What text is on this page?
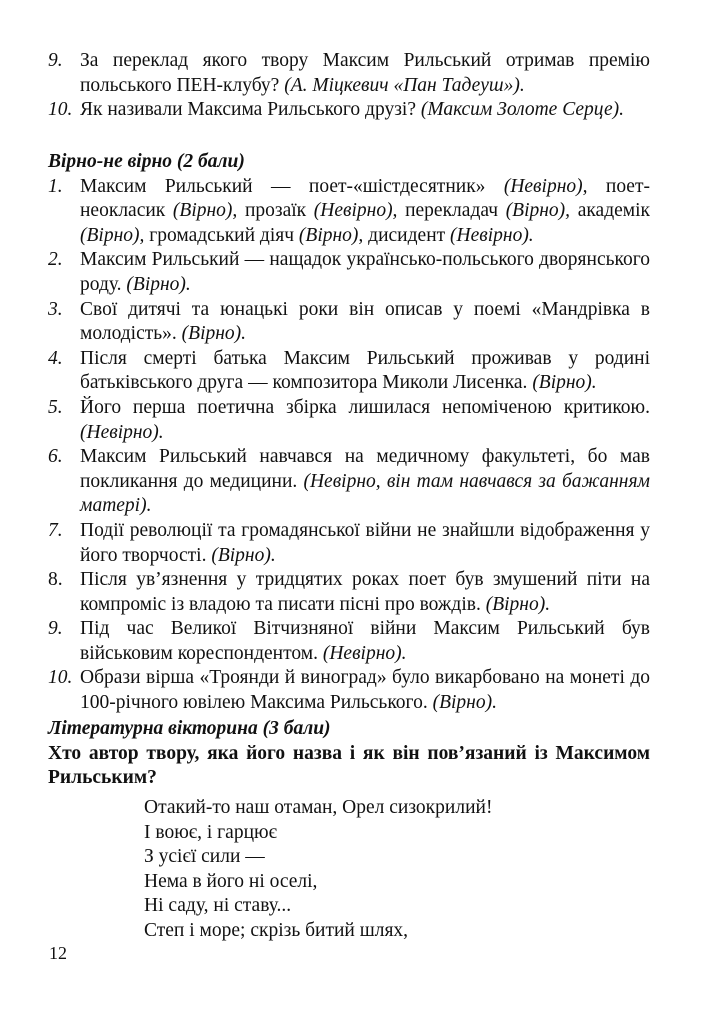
9. За переклад якого твору Максим Рильський отримав премію польського ПЕН-клубу? (А. Міцкевич «Пан Тадеуш»).

10. Як називали Максима Рильського друзі? (Максим Золоте Серце).

Вірно-не вірно (2 бали)

1. Максим Рильський — поет-«шістдесятник» (Невірно), поет-неокласик (Вірно), прозаїк (Невірно), перекладач (Вірно), академік (Вірно), громадський діяч (Вірно), дисидент (Невірно).

2. Максим Рильський — нащадок українсько-польського дворянського роду. (Вірно).

3. Свої дитячі та юнацькі роки він описав у поемі «Мандрівка в молодість». (Вірно).

4. Після смерті батька Максим Рильський проживав у родині батьківського друга — композитора Миколи Лисенка. (Вірно).

5. Його перша поетична збірка лишилася непоміченою критикою. (Невірно).

6. Максим Рильський навчався на медичному факультеті, бо мав покликання до медицини. (Невірно, він там навчався за бажанням матері).

7. Події революції та громадянської війни не знайшли відображення у його творчості. (Вірно).

8. Після ув’язнення у тридцятих роках поет був змушений піти на компроміс із владою та писати пісні про вождів. (Вірно).

9. Під час Великої Вітчизняної війни Максим Рильський був військовим кореспондентом. (Невірно).

10. Образи вірша «Троянди й виноград» було викарбовано на монеті до 100-річного ювілею Максима Рильського. (Вірно).

Літературна вікторина (3 бали)

Хто автор твору, яка його назва і як він пов’язаний із Максимом Рильським?

Отакий-то наш отаман, Орел сизокрилий!
І воює, і гарцює
З усієї сили —
Нема в його ні оселі,
Ні саду, ні ставу...
Степ і море; скрізь битий шлях,
12
